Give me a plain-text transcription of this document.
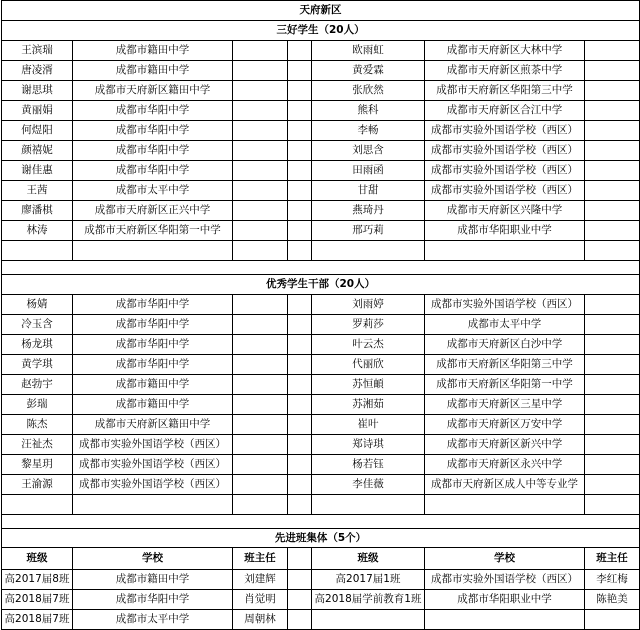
天府新区						
三好学生（20人）						
王滨瑞	成都市籍田中学			欧雨虹	成都市天府新区大林中学	
唐凌湑	成都市籍田中学			黄爱霖	成都市天府新区煎茶中学	
谢思琪	成都市天府新区籍田中学			张欣然	成都市天府新区华阳第三中学	
黄丽娟	成都市华阳中学			熊科	成都市天府新区合江中学	
何煜阳	成都市华阳中学			李畅	成都市实验外国语学校（西区）	
颜禧妮	成都市华阳中学			刘思含	成都市实验外国语学校（西区）	
谢佳惠	成都市华阳中学			田雨函	成都市实验外国语学校（西区）	
王茜	成都市太平中学			甘甜	成都市实验外国语学校（西区）	
廖潘棋	成都市天府新区正兴中学			燕琦丹	成都市天府新区兴隆中学	
林涛	成都市天府新区华阳第一中学			邢巧莉	成都市华阳职业中学	

优秀学生干部（20人）						
杨婧	成都市华阳中学			刘雨婷	成都市实验外国语学校（西区）	
冷玉含	成都市华阳中学			罗莉莎	成都市太平中学	
杨龙琪	成都市华阳中学			叶云杰	成都市天府新区白沙中学	
黄学琪	成都市华阳中学			代丽欣	成都市天府新区华阳第三中学	
赵勃宇	成都市籍田中学			苏恒頔	成都市天府新区华阳第一中学	
彭瑞	成都市籍田中学			苏湘茹	成都市天府新区三星中学	
陈杰	成都市天府新区籍田中学			崔叶	成都市天府新区万安中学	
汪祉杰	成都市实验外国语学校（西区）			郑诗琪	成都市天府新区新兴中学	
黎星玥	成都市实验外国语学校（西区）			杨若钰	成都市天府新区永兴中学	
王渝源	成都市实验外国语学校（西区）			李佳薇	成都市天府新区成人中等专业学	

先进班集体（5个）						
班级	学校	班主任		班级	学校	班主任
高2017届8班	成都市籍田中学	刘建辉		高2017届1班	成都市实验外国语学校（西区）	李红梅
高2018届7班	成都市华阳中学	肖觉明		高2018届学前教育1班	成都市华阳职业中学	陈艳美
高2018届7班	成都市太平中学	周朝林				
